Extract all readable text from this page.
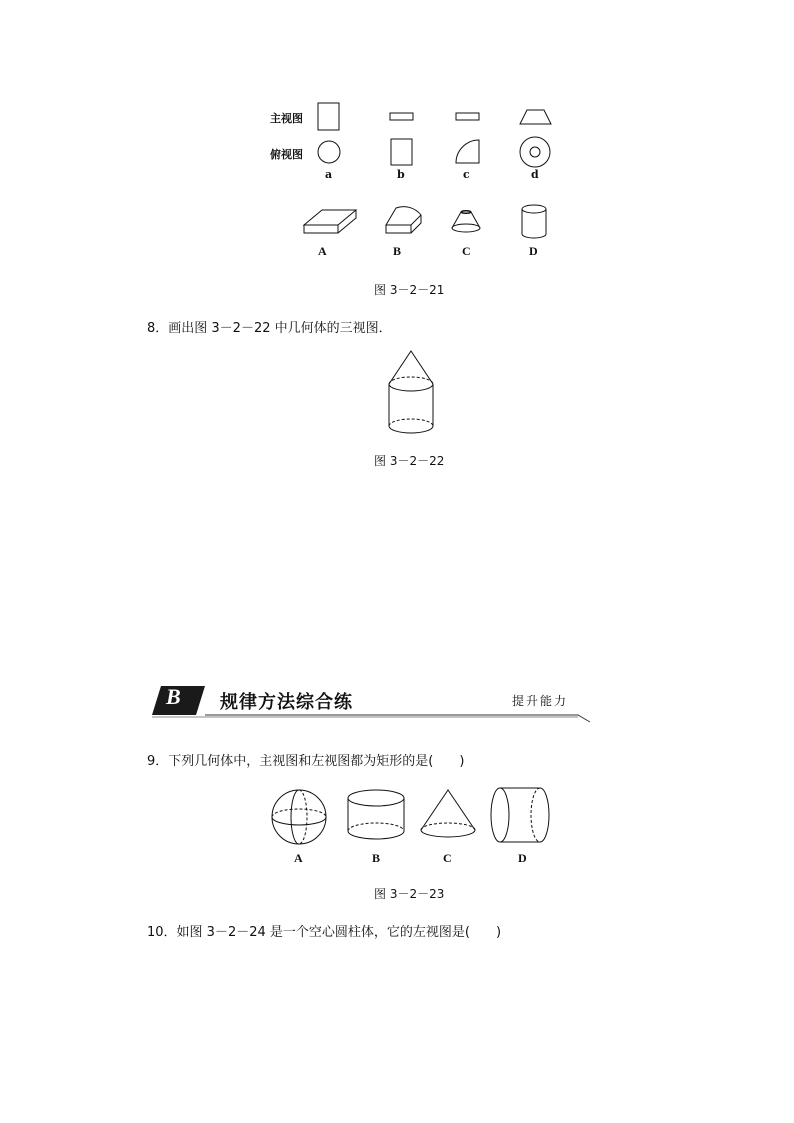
主视图
俯视图
a	b	c	d
A	B	C	D
图 3－2－21
8．画出图 3－2－22 中几何体的三视图．
图 3－2－22
B 规律方法综合练	提升能力
9．下列几何体中，主视图和左视图都为矩形的是(　　)
A	B	C	D
图 3－2－23
10．如图 3－2－24 是一个空心圆柱体，它的左视图是(　　)
